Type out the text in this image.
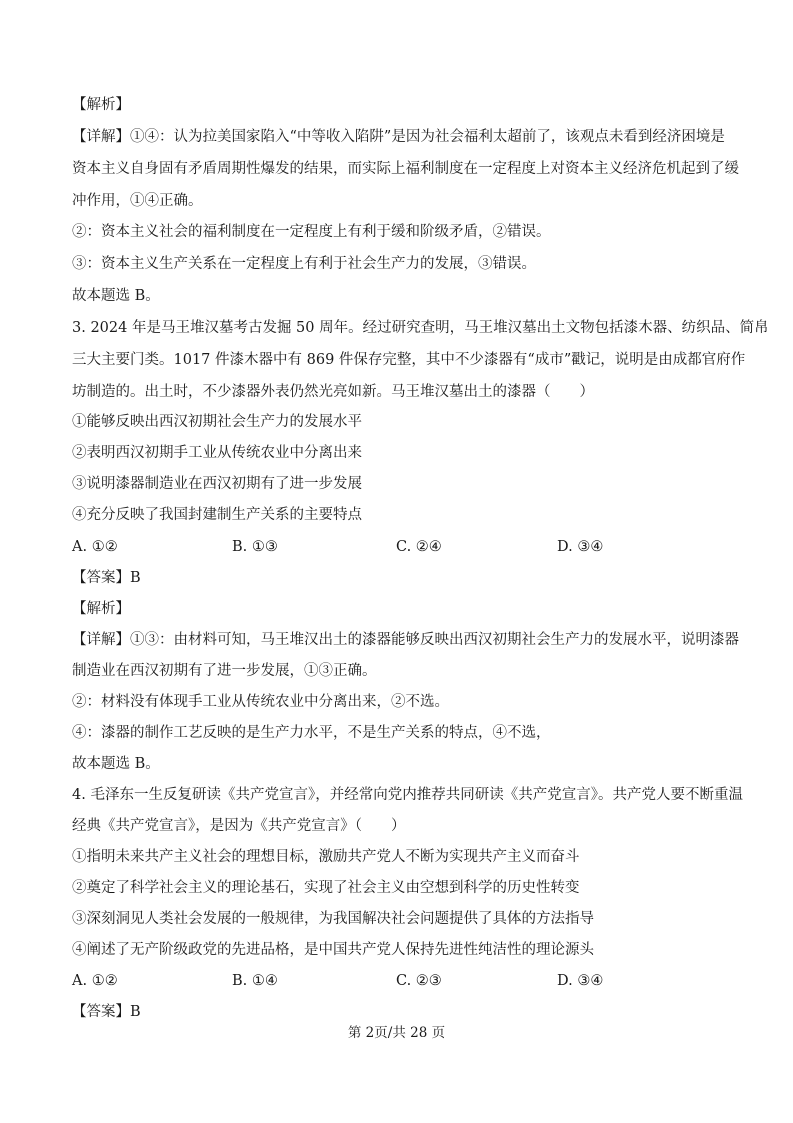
【解析】
【详解】①④：认为拉美国家陷入“中等收入陷阱”是因为社会福利太超前了，该观点未看到经济困境是
资本主义自身固有矛盾周期性爆发的结果，而实际上福利制度在一定程度上对资本主义经济危机起到了缓
冲作用，①④正确。
②：资本主义社会的福利制度在一定程度上有利于缓和阶级矛盾，②错误。
③：资本主义生产关系在一定程度上有利于社会生产力的发展，③错误。
故本题选 B。
3. 2024 年是马王堆汉墓考古发掘 50 周年。经过研究查明，马王堆汉墓出土文物包括漆木器、纺织品、简帛
三大主要门类。1017 件漆木器中有 869 件保存完整，其中不少漆器有“成市”戳记，说明是由成都官府作
坊制造的。出土时，不少漆器外表仍然光亮如新。马王堆汉墓出土的漆器（　　）
①能够反映出西汉初期社会生产力的发展水平
②表明西汉初期手工业从传统农业中分离出来
③说明漆器制造业在西汉初期有了进一步发展
④充分反映了我国封建制生产关系的主要特点
A. ①②	B. ①③	C. ②④	D. ③④
【答案】B
【解析】
【详解】①③：由材料可知，马王堆汉出土的漆器能够反映出西汉初期社会生产力的发展水平，说明漆器
制造业在西汉初期有了进一步发展，①③正确。
②：材料没有体现手工业从传统农业中分离出来，②不选。
④：漆器的制作工艺反映的是生产力水平，不是生产关系的特点，④不选，
故本题选 B。
4. 毛泽东一生反复研读《共产党宣言》，并经常向党内推荐共同研读《共产党宣言》。共产党人要不断重温
经典《共产党宣言》，是因为《共产党宣言》（　　）
①指明未来共产主义社会的理想目标，激励共产党人不断为实现共产主义而奋斗
②奠定了科学社会主义的理论基石，实现了社会主义由空想到科学的历史性转变
③深刻洞见人类社会发展的一般规律，为我国解决社会问题提供了具体的方法指导
④阐述了无产阶级政党的先进品格，是中国共产党人保持先进性纯洁性的理论源头
A. ①②	B. ①④	C. ②③	D. ③④
【答案】B
第 2页/共 28 页
